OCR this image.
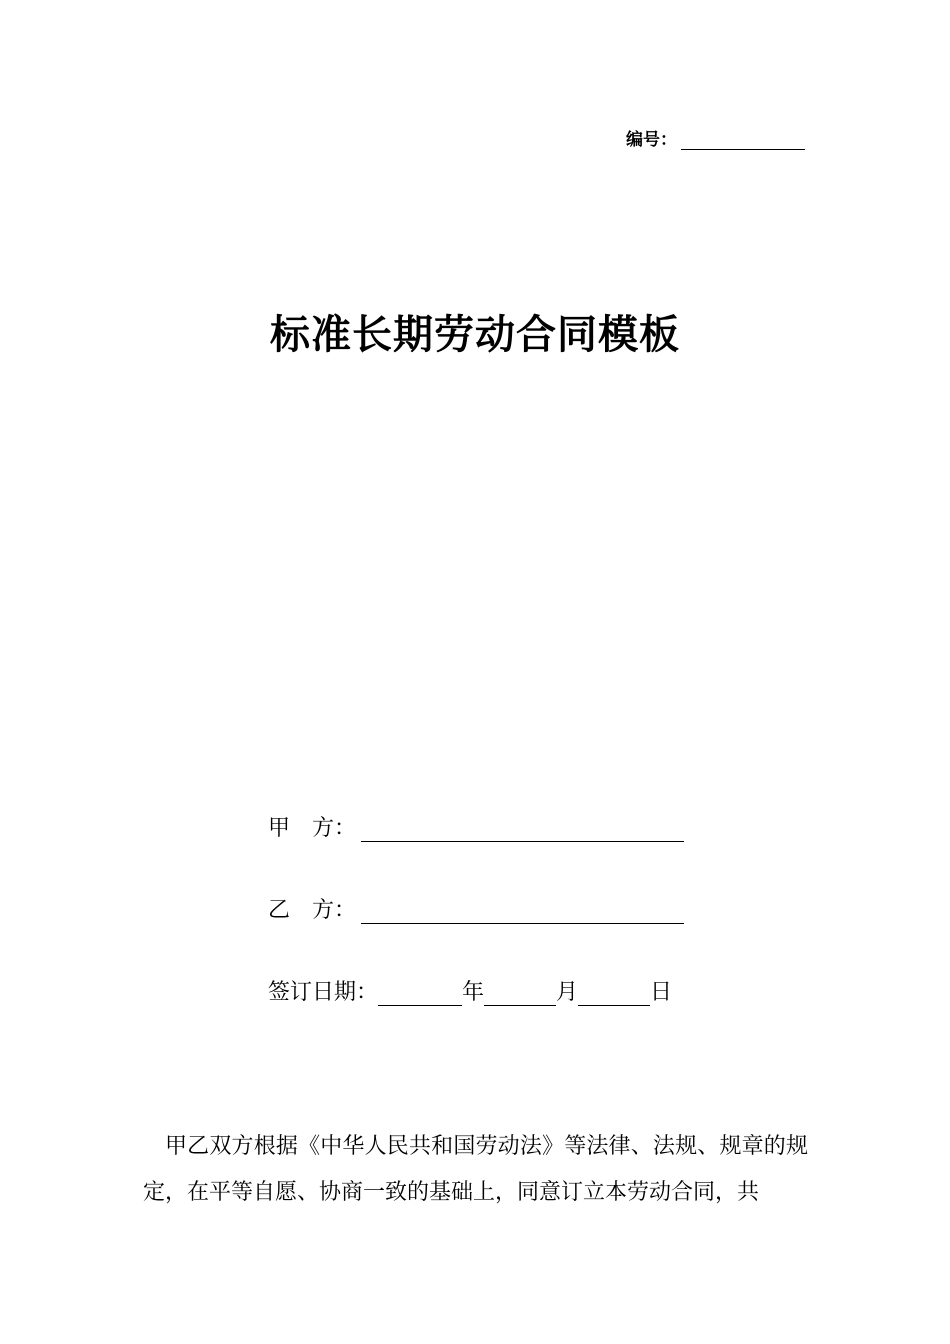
编号：
标准长期劳动合同模板
甲　方：
乙　方：
签订日期：	年	月	日
甲乙双方根据《中华人民共和国劳动法》等法律、法规、规章的规定，在平等自愿、协商一致的基础上，同意订立本劳动合同，共
